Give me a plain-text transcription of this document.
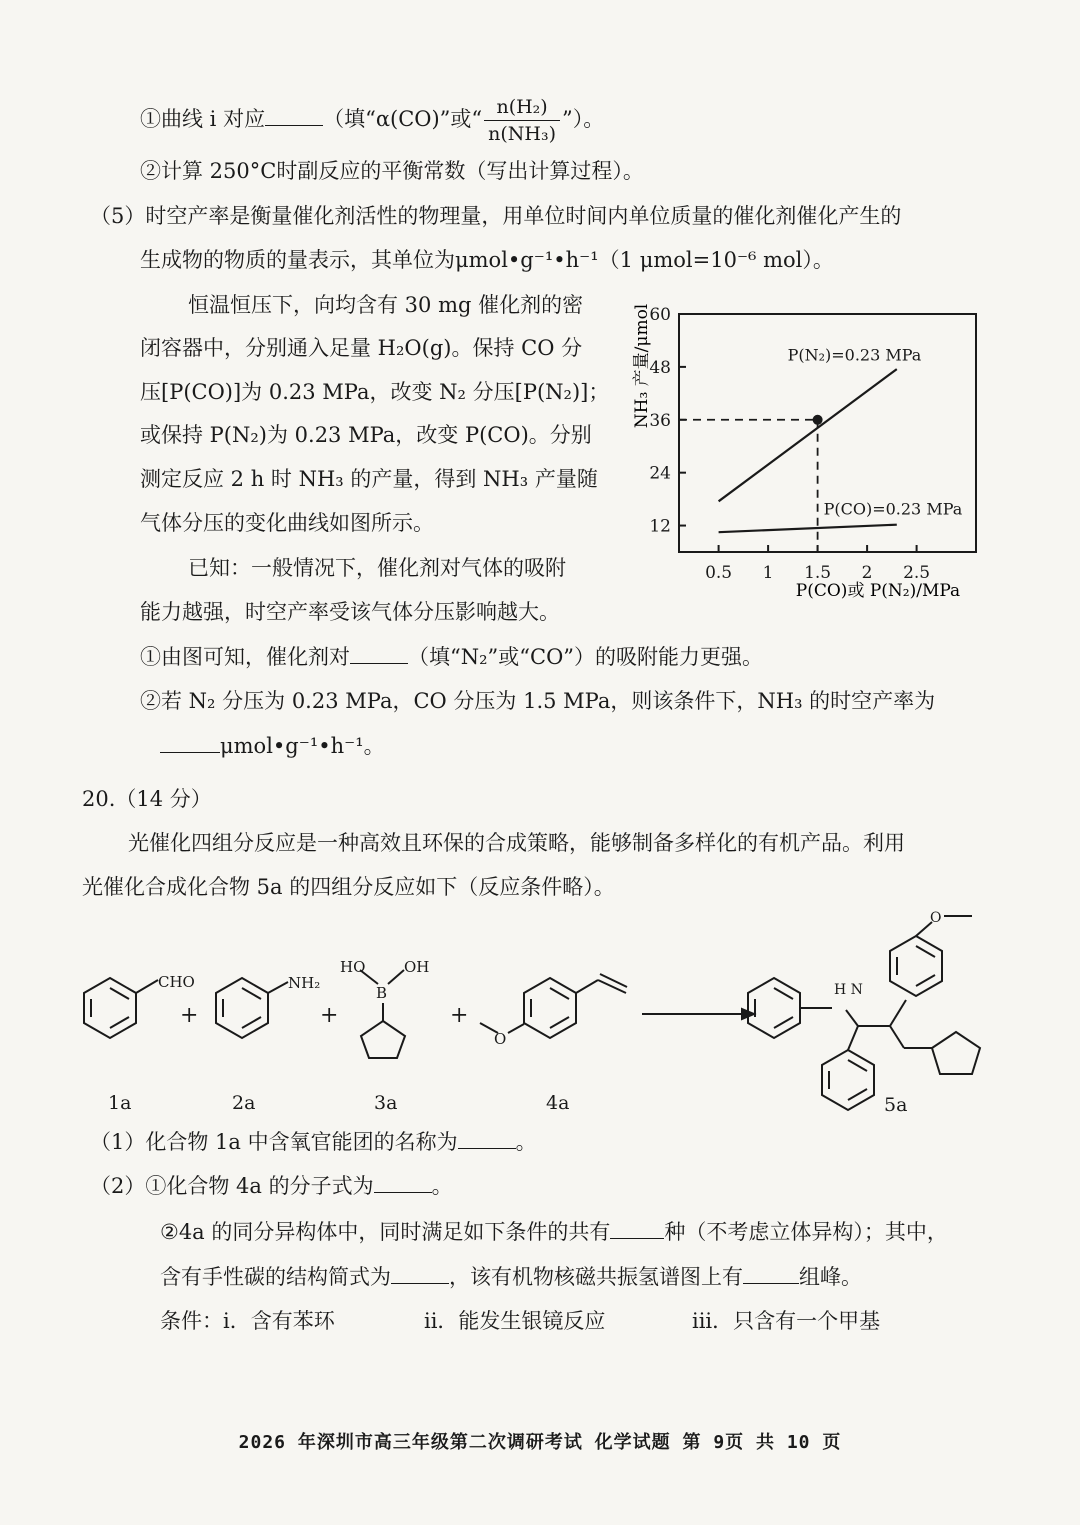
①曲线 i 对应	（填“α(CO)”或“ $\frac{\text{n(H₂)}}{\text{n(NH₃)}}$ ”）。
②计算 250°C时副反应的平衡常数（写出计算过程）。
（5）时空产率是衡量催化剂活性的物理量，用单位时间内单位质量的催化剂催化产生的
生成物的物质的量表示，其单位为μmol•g⁻¹•h⁻¹（1 μmol=10⁻⁶ mol）。
恒温恒压下，向均含有 30 mg 催化剂的密
闭容器中，分别通入足量 H₂O(g)。保持 CO 分
压[P(CO)]为 0.23 MPa，改变 N₂ 分压[P(N₂)]；
或保持 P(N₂)为 0.23 MPa，改变 P(CO)。分别
测定反应 2 h 时 NH₃ 的产量，得到 NH₃ 产量随
气体分压的变化曲线如图所示。
已知：一般情况下，催化剂对气体的吸附
能力越强，时空产率受该气体分压影响越大。
NH₃ 产量/μmol
60
48
36
24
12
0.5 1 1.5 2 2.5
P(N₂)=0.23 MPa
P(CO)=0.23 MPa
P(CO)或 P(N₂)/MPa
①由图可知，催化剂对	（填“N₂”或“CO”）的吸附能力更强。
②若 N₂ 分压为 0.23 MPa，CO 分压为 1.5 MPa，则该条件下，NH₃ 的时空产率为
μmol•g⁻¹•h⁻¹。
20.（14 分）
光催化四组分反应是一种高效且环保的合成策略，能够制备多样化的有机产品。利用
光催化合成化合物 5a 的四组分反应如下（反应条件略）。
CHO
+
NH₂
+
HO	OH
B
+
O
H N
O
1a	2a	3a	4a	5a
（1）化合物 1a 中含氧官能团的名称为	。
（2）①化合物 4a 的分子式为	。
②4a 的同分异构体中，同时满足如下条件的共有	种（不考虑立体异构）；其中，
含有手性碳的结构简式为	，该有机物核磁共振氢谱图上有	组峰。
条件：i．含有苯环	ii．能发生银镜反应	iii．只含有一个甲基
2026 年深圳市高三年级第二次调研考试 化学试题 第 9页 共 10 页
